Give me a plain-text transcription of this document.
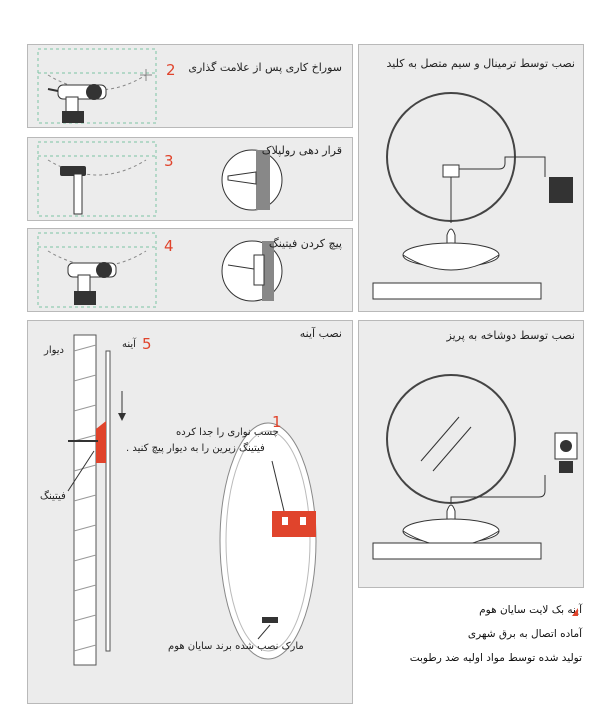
2 سوراخ کاری پس از علامت گذاری
3
قرار دهی رولپلاک
4	پیچ کردن فیتینگ
نصب آینه
دیوار
آینه 5
فیتینگ
1
چسب نواری را جدا کرده
فیتینگ زیرین را به دیوار پیچ کنید .
مارک نصب شده برند سایان هوم
نصب توسط ترمینال و سیم متصل به کلید
نصب توسط دوشاخه به پریز
آینه بک لایت سایان هوم
آماده اتصال به برق شهری
تولید شده توسط مواد اولیه ضد رطوبت
